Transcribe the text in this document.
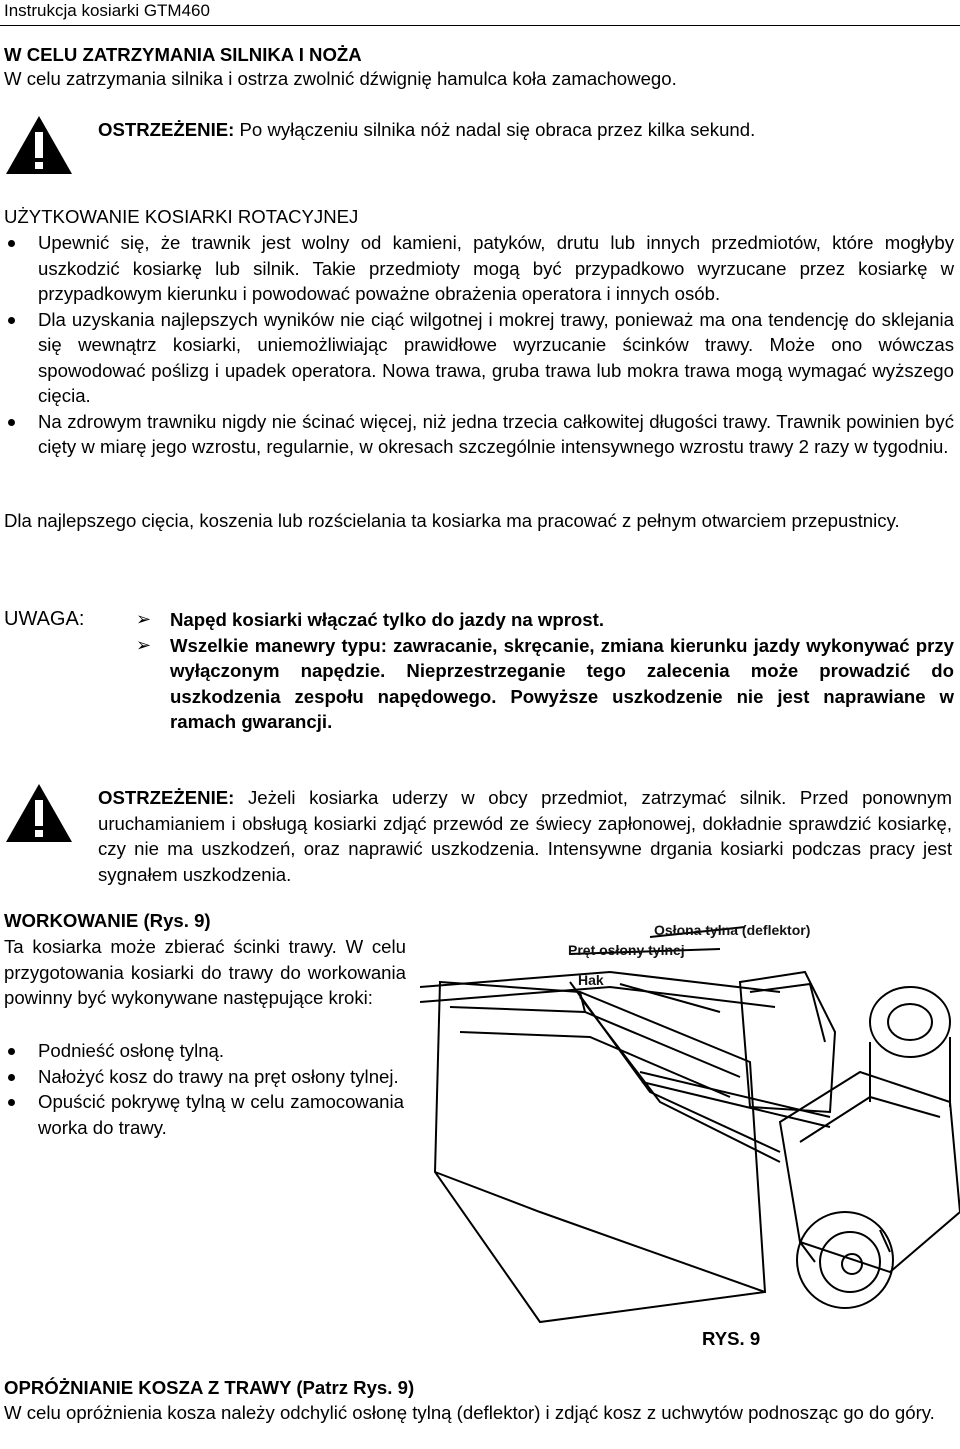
Instrukcja kosiarki GTM460
W CELU ZATRZYMANIA SILNIKA I NOŻA
W celu zatrzymania silnika i ostrza zwolnić dźwignię hamulca koła zamachowego.
OSTRZEŻENIE: Po wyłączeniu silnika nóż nadal się obraca przez kilka sekund.
UŻYTKOWANIE KOSIARKI ROTACYJNEJ
Upewnić się, że trawnik jest wolny od kamieni, patyków, drutu lub innych przedmiotów, które mogłyby uszkodzić kosiarkę lub silnik. Takie przedmioty mogą być przypadkowo wyrzucane przez kosiarkę w przypadkowym kierunku i powodować poważne obrażenia operatora i innych osób.
Dla uzyskania najlepszych wyników nie ciąć wilgotnej i mokrej trawy, ponieważ ma ona tendencję do sklejania się wewnątrz kosiarki, uniemożliwiając prawidłowe wyrzucanie ścinków trawy. Może ono wówczas spowodować poślizg i upadek operatora. Nowa trawa, gruba trawa lub mokra trawa mogą wymagać wyższego cięcia.
Na zdrowym trawniku nigdy nie ścinać więcej, niż jedna trzecia całkowitej długości trawy. Trawnik powinien być cięty w miarę jego wzrostu, regularnie, w okresach szczególnie intensywnego wzrostu trawy 2 razy w tygodniu.
Dla najlepszego cięcia, koszenia lub rozścielania ta kosiarka ma pracować z pełnym otwarciem przepustnicy.
UWAGA:
➢	Napęd kosiarki włączać tylko do jazdy na wprost.
➢ Wszelkie manewry typu: zawracanie, skręcanie, zmiana kierunku jazdy wykonywać przy wyłączonym napędzie. Nieprzestrzeganie tego zalecenia może prowadzić do uszkodzenia zespołu napędowego. Powyższe uszkodzenie nie jest naprawiane w ramach gwarancji.
OSTRZEŻENIE: Jeżeli kosiarka uderzy w obcy przedmiot, zatrzymać silnik. Przed ponownym uruchamianiem i obsługą kosiarki zdjąć przewód ze świecy zapłonowej, dokładnie sprawdzić kosiarkę, czy nie ma uszkodzeń, oraz naprawić uszkodzenia. Intensywne drgania kosiarki podczas pracy jest sygnałem uszkodzenia.
WORKOWANIE (Rys. 9)
Ta kosiarka może zbierać ścinki trawy. W celu przygotowania kosiarki do trawy do workowania powinny być wykonywane następujące kroki:
Podnieść osłonę tylną.
Nałożyć kosz do trawy na pręt osłony tylnej.
Opuścić pokrywę tylną w celu zamocowania worka do trawy.
Osłona tylna (deflektor)
Pręt osłony tylnej
Hak
RYS. 9
OPRÓŻNIANIE KOSZA Z TRAWY (Patrz Rys. 9)
W celu opróżnienia kosza należy odchylić osłonę tylną (deflektor) i zdjąć kosz z uchwytów podnosząc go do góry.
